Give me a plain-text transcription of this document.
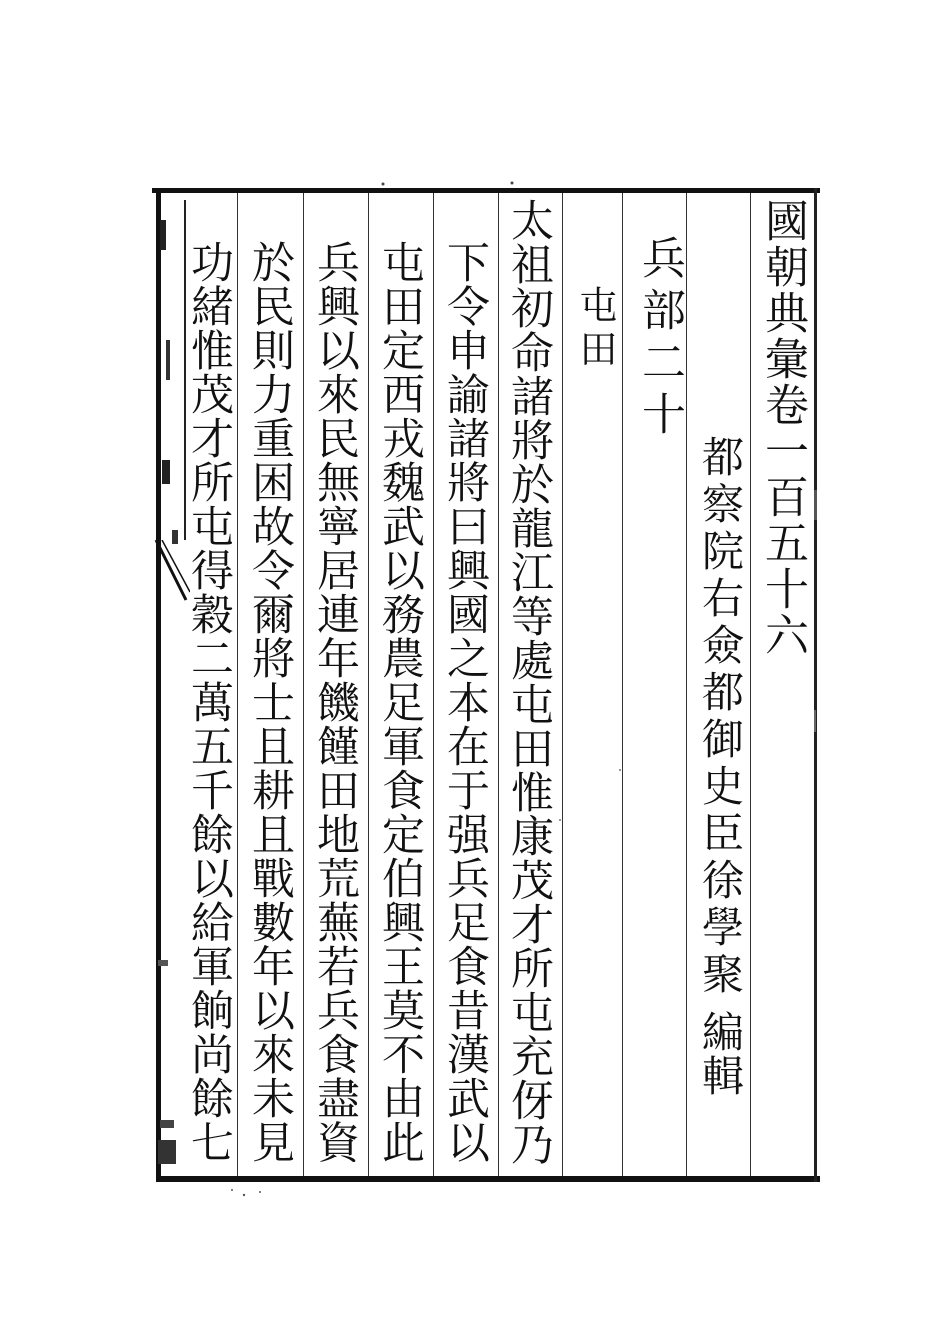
國朝典彙卷一百五十六
都察院右僉都御史臣徐學聚
編輯
兵部二十
屯田
太祖初命諸將於龍江等處屯田惟康茂才所屯充伢乃
下令申諭諸將曰興國之本在于强兵足食昔漢武以
屯田定西戎魏武以務農足軍食定伯興王莫不由此
兵興以來民無寧居連年饑饉田地荒蕪若兵食盡資
於民則力重困故令爾將士且耕且戰數年以來未見
功緒惟茂才所屯得穀二萬五千餘以給軍餉尚餘七
